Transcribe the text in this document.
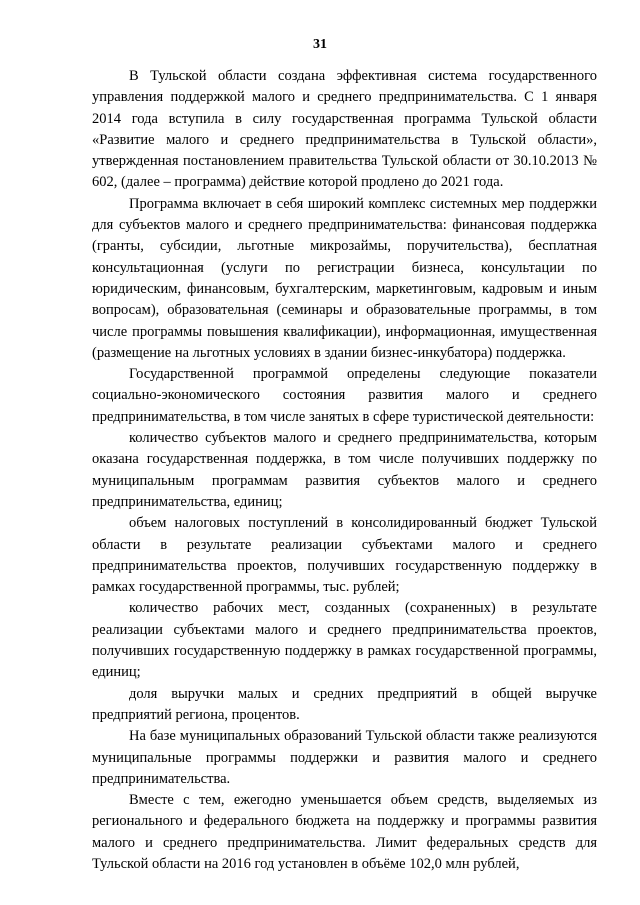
31

В Тульской области создана эффективная система государственного управления поддержкой малого и среднего предпринимательства. С 1 января 2014 года вступила в силу государственная программа Тульской области «Развитие малого и среднего предпринимательства в Тульской области», утвержденная постановлением правительства Тульской области от 30.10.2013 № 602, (далее – программа) действие которой продлено до 2021 года.

Программа включает в себя широкий комплекс системных мер поддержки для субъектов малого и среднего предпринимательства: финансовая поддержка (гранты, субсидии, льготные микрозаймы, поручительства), бесплатная консультационная (услуги по регистрации бизнеса, консультации по юридическим, финансовым, бухгалтерским, маркетинговым, кадровым и иным вопросам), образовательная (семинары и образовательные программы, в том числе программы повышения квалификации), информационная, имущественная (размещение на льготных условиях в здании бизнес-инкубатора) поддержка.

Государственной программой определены следующие показатели социально-экономического состояния развития малого и среднего предпринимательства, в том числе занятых в сфере туристической деятельности:

количество субъектов малого и среднего предпринимательства, которым оказана государственная поддержка, в том числе получивших поддержку по муниципальным программам развития субъектов малого и среднего предпринимательства, единиц;

объем налоговых поступлений в консолидированный бюджет Тульской области в результате реализации субъектами малого и среднего предпринимательства проектов, получивших государственную поддержку в рамках государственной программы, тыс. рублей;

количество рабочих мест, созданных (сохраненных) в результате реализации субъектами малого и среднего предпринимательства проектов, получивших государственную поддержку в рамках государственной программы, единиц;

доля выручки малых и средних предприятий в общей выручке предприятий региона, процентов.

На базе муниципальных образований Тульской области также реализуются муниципальные программы поддержки и развития малого и среднего предпринимательства.

Вместе с тем, ежегодно уменьшается объем средств, выделяемых из регионального и федерального бюджета на поддержку и программы развития малого и среднего предпринимательства. Лимит федеральных средств для Тульской области на 2016 год установлен в объёме 102,0 млн рублей,
